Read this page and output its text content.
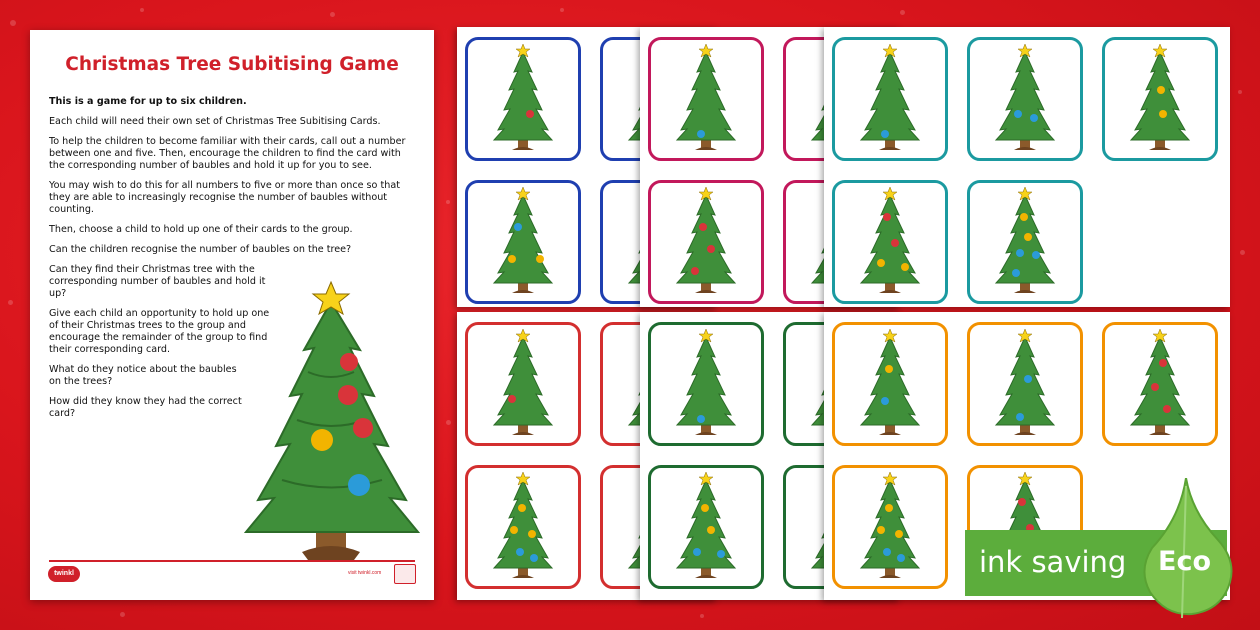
Christmas Tree Subitising Game

This is a game for up to six children.

Each child will need their own set of Christmas Tree Subitising Cards.

To help the children to become familiar with their cards, call out a number between one and five. Then, encourage the children to find the card with the corresponding number of baubles and hold it up for you to see.

You may wish to do this for all numbers to five or more than once so that they are able to increasingly recognise the number of baubles without counting.

Then, choose a child to hold up one of their cards to the group.

Can the children recognise the number of baubles on the tree?

Can they find their Christmas tree with the corresponding number of baubles and hold it up?

Give each child an opportunity to hold up one of their Christmas trees to the group and encourage the remainder of the group to find their corresponding card.

What do they notice about the baubles on the trees?

How did they know they had the correct card?

twinkl	visit twinkl.com	ink saving Eco
